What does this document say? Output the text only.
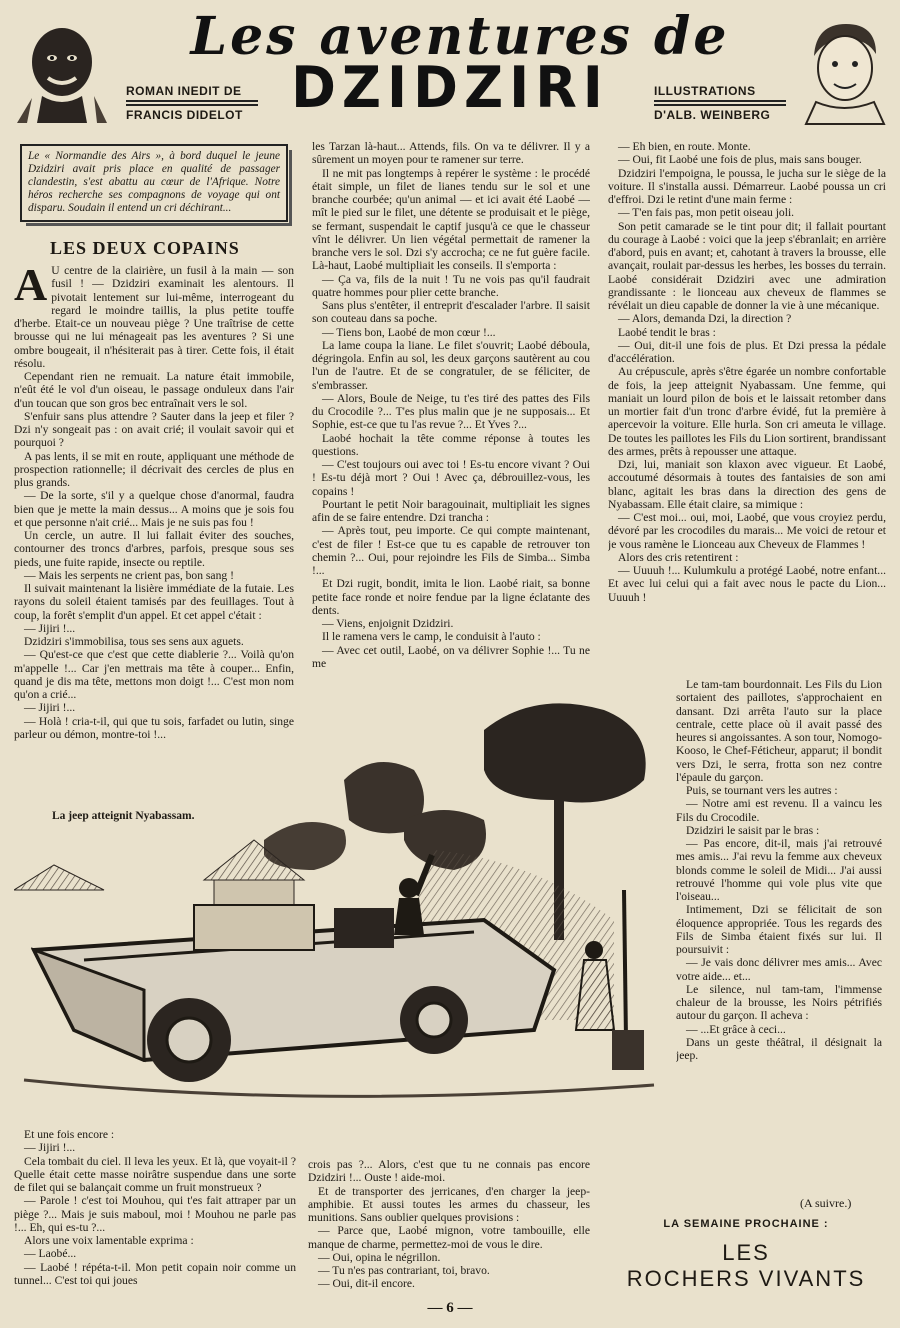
Les aventures de
DZIDZIRI
ROMAN INEDIT DE
FRANCIS DIDELOT
ILLUSTRATIONS
D'ALB. WEINBERG
Le « Normandie des Airs », à bord duquel le jeune Dzidziri avait pris place en qualité de passager clandestin, s'est abattu au cœur de l'Afrique. Notre héros recherche ses compagnons de voyage qui ont disparu. Soudain il entend un cri déchirant...
LES DEUX COPAINS

A U centre de la clairière, un fusil à la main — son fusil ! — Dzidziri examinait les alentours. Il pivotait lentement sur lui-même, interrogeant du regard le moindre taillis, la plus petite touffe d'herbe. Etait-ce un nouveau piège ? Une traîtrise de cette brousse qui ne lui ménageait pas les aventures ? Si une ombre bougeait, il n'hésiterait pas à tirer. Cette fois, il était résolu.

Cependant rien ne remuait. La nature était immobile, n'eût été le vol d'un oiseau, le passage onduleux dans l'air d'un toucan que son gros bec entraînait vers le sol.

S'enfuir sans plus attendre ? Sauter dans la jeep et filer ? Dzi n'y songeait pas : on avait crié; il voulait savoir qui et pourquoi ?

A pas lents, il se mit en route, appliquant une méthode de prospection rationnelle; il décrivait des cercles de plus en plus grands.

— De la sorte, s'il y a quelque chose d'anormal, faudra bien que je mette la main dessus... A moins que je sois fou et que personne n'ait crié... Mais je ne suis pas fou !

Un cercle, un autre. Il lui fallait éviter des souches, contourner des troncs d'arbres, parfois, presque sous ses pieds, une fuite rapide, insecte ou reptile.

— Mais les serpents ne crient pas, bon sang !

Il suivait maintenant la lisière immédiate de la futaie. Les rayons du soleil étaient tamisés par des feuillages. Tout à coup, la forêt s'emplit d'un appel. Et cet appel c'était :

— Jijiri !...

Dzidziri s'immobilisa, tous ses sens aux aguets.

— Qu'est-ce que c'est que cette diablerie ?... Voilà qu'on m'appelle !... Car j'en mettrais ma tête à couper... Enfin, quand je dis ma tête, mettons mon doigt !... C'est mon nom qu'on a crié...

— Jijiri !...

— Holà ! cria-t-il, qui que tu sois, farfadet ou lutin, singe parleur ou démon, montre-toi !...

La jeep atteignit Nyabassam.

les Tarzan là-haut... Attends, fils. On va te délivrer. Il y a sûrement un moyen pour te ramener sur terre.

Il ne mit pas longtemps à repérer le système : le procédé était simple, un filet de lianes tendu sur le sol et une branche courbée; qu'un animal — et ici avait été Laobé — mît le pied sur le filet, une détente se produisait et le piège, se fermant, suspendait le captif jusqu'à ce que le chasseur vînt le délivrer. Un lien végétal permettait de ramener la branche vers le sol. Dzi s'y accrocha; ce ne fut guère facile. Là-haut, Laobé multipliait les conseils. Il s'emporta :

— Ça va, fils de la nuit ! Tu ne vois pas qu'il faudrait quatre hommes pour plier cette branche.

Sans plus s'entêter, il entreprit d'escalader l'arbre. Il saisit son couteau dans sa poche.

— Tiens bon, Laobé de mon cœur !...

La lame coupa la liane. Le filet s'ouvrit; Laobé déboula, dégringola. Enfin au sol, les deux garçons sautèrent au cou l'un de l'autre. Et de se congratuler, de se féliciter, de s'embrasser.

— Alors, Boule de Neige, tu t'es tiré des pattes des Fils du Crocodile ?... T'es plus malin que je ne supposais... Et Sophie, est-ce que tu l'as revue ?... Et Yves ?...

Laobé hochait la tête comme réponse à toutes les questions.

— C'est toujours oui avec toi ! Es-tu encore vivant ? Oui ! Es-tu déjà mort ? Oui ! Avec ça, débrouillez-vous, les copains !

Pourtant le petit Noir baragouinait, multipliait les signes afin de se faire entendre. Dzi trancha :

— Après tout, peu importe. Ce qui compte maintenant, c'est de filer ! Est-ce que tu es capable de retrouver ton chemin ?... Oui, pour rejoindre les Fils de Simba... Simba !...

Et Dzi rugit, bondit, imita le lion. Laobé riait, sa bonne petite face ronde et noire fendue par la ligne éclatante des dents.

— Viens, enjoignit Dzidziri.

Il le ramena vers le camp, le conduisit à l'auto :

— Avec cet outil, Laobé, on va délivrer Sophie !... Tu ne me

— Eh bien, en route. Monte.

— Oui, fit Laobé une fois de plus, mais sans bouger.

Dzidziri l'empoigna, le poussa, le jucha sur le siège de la voiture. Il s'installa aussi. Démarreur. Laobé poussa un cri d'effroi. Dzi le retint d'une main ferme :

— T'en fais pas, mon petit oiseau joli.

Son petit camarade se le tint pour dit; il fallait pourtant du courage à Laobé : voici que la jeep s'ébranlait; en arrière d'abord, puis en avant; et, cahotant à travers la brousse, elle avançait, roulait par-dessus les herbes, les bosses du terrain. Laobé considérait Dzidziri avec une admiration grandissante : le lionceau aux cheveux de flammes se révélait un dieu capable de donner la vie à une mécanique.

— Alors, demanda Dzi, la direction ?

Laobé tendit le bras :

— Oui, dit-il une fois de plus. Et Dzi pressa la pédale d'accélération.

Au crépuscule, après s'être égarée un nombre confortable de fois, la jeep atteignit Nyabassam. Une femme, qui maniait un lourd pilon de bois et le laissait retomber dans un mortier fait d'un tronc d'arbre évidé, fut la première à apercevoir la voiture. Elle hurla. Son cri ameuta le village. De toutes les paillotes les Fils du Lion sortirent, brandissant des armes, prêts à repousser une attaque.

Dzi, lui, maniait son klaxon avec vigueur. Et Laobé, accoutumé désormais à toutes des fantaisies de son ami blanc, agitait les bras dans la direction des gens de Nyabassam. Elle était claire, sa mimique :

— C'est moi... oui, moi, Laobé, que vous croyiez perdu, dévoré par les crocodiles du marais... Me voici de retour et je vous ramène le Lionceau aux Cheveux de Flammes !

Alors des cris retentirent :

— Uuuuh !... Kulumkulu a protégé Laobé, notre enfant... Et avec lui celui qui a fait avec nous le pacte du Lion... Uuuuh !

Le tam-tam bourdonnait. Les Fils du Lion sortaient des paillotes, s'approchaient en dansant. Dzi arrêta l'auto sur la place centrale, cette place où il avait passé des heures si angoissantes. A son tour, Nomogo-Kooso, le Chef-Féticheur, apparut; il bondit vers Dzi, le serra, frotta son nez contre l'épaule du garçon.

Puis, se tournant vers les autres :

— Notre ami est revenu. Il a vaincu les Fils du Crocodile.

Dzidziri le saisit par le bras :

— Pas encore, dit-il, mais j'ai retrouvé mes amis... J'ai revu la femme aux cheveux blonds comme le soleil de Midi... J'ai aussi retrouvé l'homme qui vole plus vite que l'oiseau...

Intimement, Dzi se félicitait de son éloquence appropriée. Tous les regards des Fils de Simba étaient fixés sur lui. Il poursuivit :

— Je vais donc délivrer mes amis... Avec votre aide... et...

Le silence, nul tam-tam, l'immense chaleur de la brousse, les Noirs pétrifiés autour du garçon. Il acheva :

— ...Et grâce à ceci...

Dans un geste théâtral, il désignait la jeep.

Et une fois encore :

— Jijiri !...

Cela tombait du ciel. Il leva les yeux. Et là, que voyait-il ? Quelle était cette masse noirâtre suspendue dans une sorte de filet qui se balançait comme un fruit monstrueux ?

— Parole ! c'est toi Mouhou, qui t'es fait attraper par un piège ?... Mais je suis maboul, moi ! Mouhou ne parle pas !... Eh, qui es-tu ?...

Alors une voix lamentable exprima :

— Laobé...

— Laobé ! répéta-t-il. Mon petit copain noir comme un tunnel... C'est toi qui joues

crois pas ?... Alors, c'est que tu ne connais pas encore Dzidziri !... Ouste ! aide-moi.

Et de transporter des jerricanes, d'en charger la jeep-amphibie. Et aussi toutes les armes du chasseur, les munitions. Sans oublier quelques provisions :

— Parce que, Laobé mignon, votre tambouille, elle manque de charme, permettez-moi de vous le dire.

— Oui, opina le négrillon.

— Tu n'es pas contrariant, toi, bravo.

— Oui, dit-il encore.

(A suivre.)
LA SEMAINE PROCHAINE :
LES
ROCHERS VIVANTS
— 6 —
